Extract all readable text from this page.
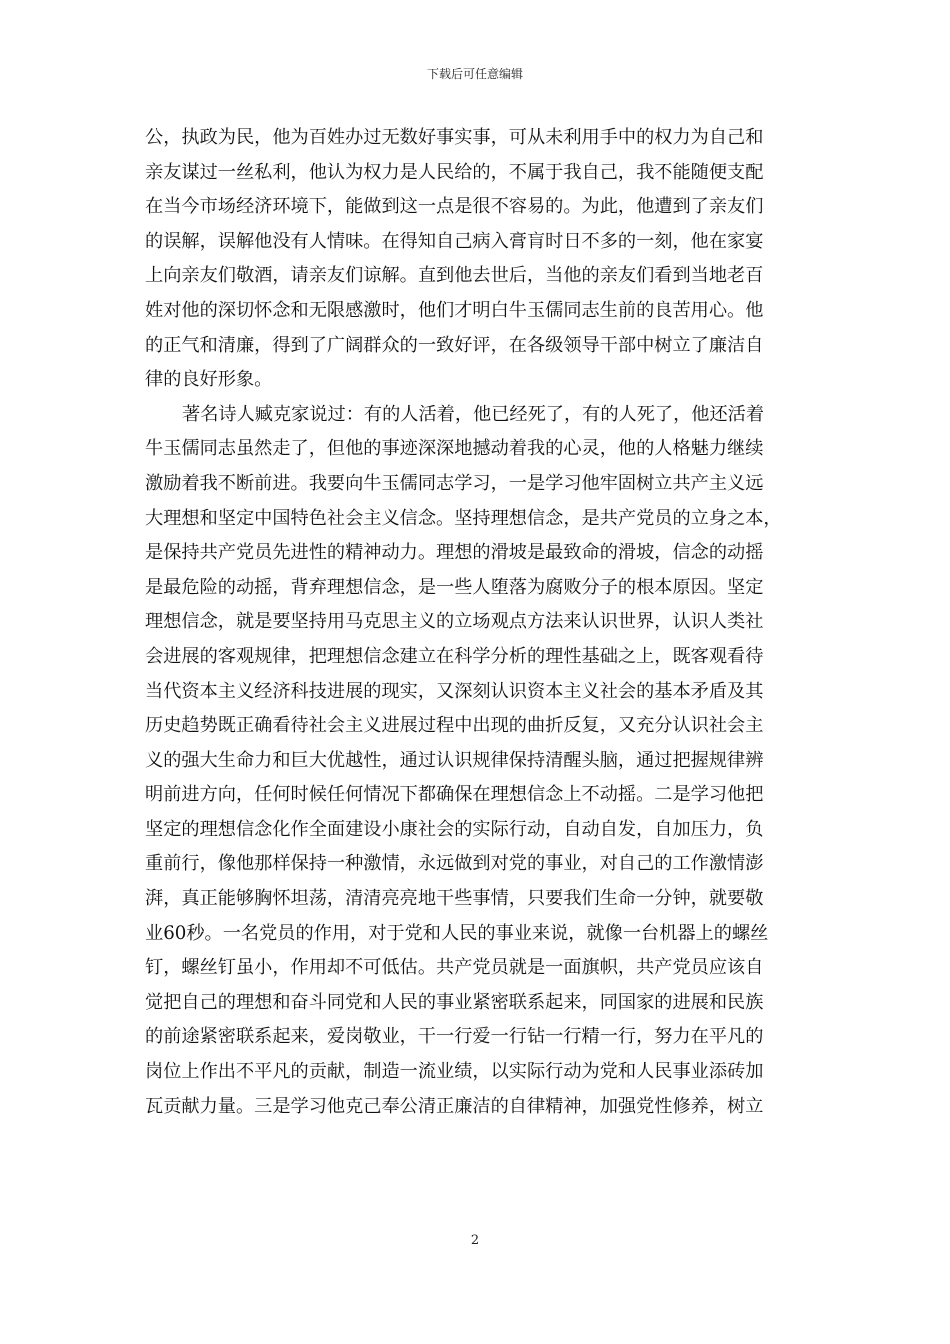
下载后可任意编辑
公，执政为民，他为百姓办过无数好事实事，可从未利用手中的权力为自己和
亲友谋过一丝私利，他认为权力是人民给的，不属于我自己，我不能随便支配
在当今市场经济环境下，能做到这一点是很不容易的。为此，他遭到了亲友们
的误解，误解他没有人情味。在得知自己病入膏肓时日不多的一刻，他在家宴
上向亲友们敬酒，请亲友们谅解。直到他去世后，当他的亲友们看到当地老百
姓对他的深切怀念和无限感激时，他们才明白牛玉儒同志生前的良苦用心。他
的正气和清廉，得到了广阔群众的一致好评，在各级领导干部中树立了廉洁自
律的良好形象。
著名诗人臧克家说过：有的人活着，他已经死了，有的人死了，他还活着
牛玉儒同志虽然走了，但他的事迹深深地撼动着我的心灵，他的人格魅力继续
激励着我不断前进。我要向牛玉儒同志学习，一是学习他牢固树立共产主义远
大理想和坚定中国特色社会主义信念。坚持理想信念，是共产党员的立身之本，
是保持共产党员先进性的精神动力。理想的滑坡是最致命的滑坡，信念的动摇
是最危险的动摇，背弃理想信念，是一些人堕落为腐败分子的根本原因。坚定
理想信念，就是要坚持用马克思主义的立场观点方法来认识世界，认识人类社
会进展的客观规律，把理想信念建立在科学分析的理性基础之上，既客观看待
当代资本主义经济科技进展的现实，又深刻认识资本主义社会的基本矛盾及其
历史趋势既正确看待社会主义进展过程中出现的曲折反复，又充分认识社会主
义的强大生命力和巨大优越性，通过认识规律保持清醒头脑，通过把握规律辨
明前进方向，任何时候任何情况下都确保在理想信念上不动摇。二是学习他把
坚定的理想信念化作全面建设小康社会的实际行动，自动自发，自加压力，负
重前行，像他那样保持一种激情，永远做到对党的事业，对自己的工作激情澎
湃，真正能够胸怀坦荡，清清亮亮地干些事情，只要我们生命一分钟，就要敬
业60秒。一名党员的作用，对于党和人民的事业来说，就像一台机器上的螺丝
钉，螺丝钉虽小，作用却不可低估。共产党员就是一面旗帜，共产党员应该自
觉把自己的理想和奋斗同党和人民的事业紧密联系起来，同国家的进展和民族
的前途紧密联系起来，爱岗敬业，干一行爱一行钻一行精一行，努力在平凡的
岗位上作出不平凡的贡献，制造一流业绩，以实际行动为党和人民事业添砖加
瓦贡献力量。三是学习他克己奉公清正廉洁的自律精神，加强党性修养，树立
2
